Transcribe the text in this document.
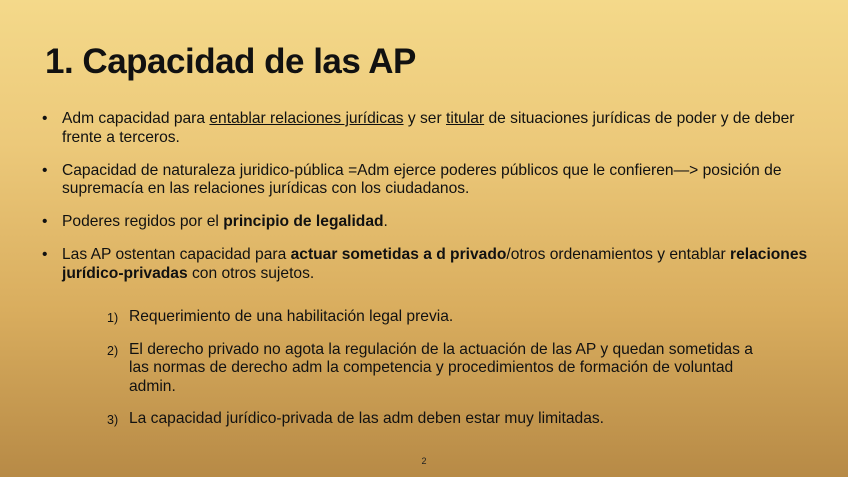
1. Capacidad de las AP
• Adm capacidad para entablar relaciones jurídicas y ser titular de situaciones jurídicas de poder y de deber frente a terceros.
• Capacidad de naturaleza juridico-pública =Adm ejerce poderes públicos que le confieren—> posición de supremacía en las relaciones jurídicas con los ciudadanos.
• Poderes regidos por el principio de legalidad.
• Las AP ostentan capacidad para actuar sometidas a d privado/otros ordenamientos y entablar relaciones jurídico-privadas con otros sujetos.
1) Requerimiento de una habilitación legal previa.
2) El derecho privado no agota la regulación de la actuación de las AP y quedan sometidas a las normas de derecho adm la competencia y procedimientos de formación de voluntad admin.
3) La capacidad jurídico-privada de las adm deben estar muy limitadas.
2
